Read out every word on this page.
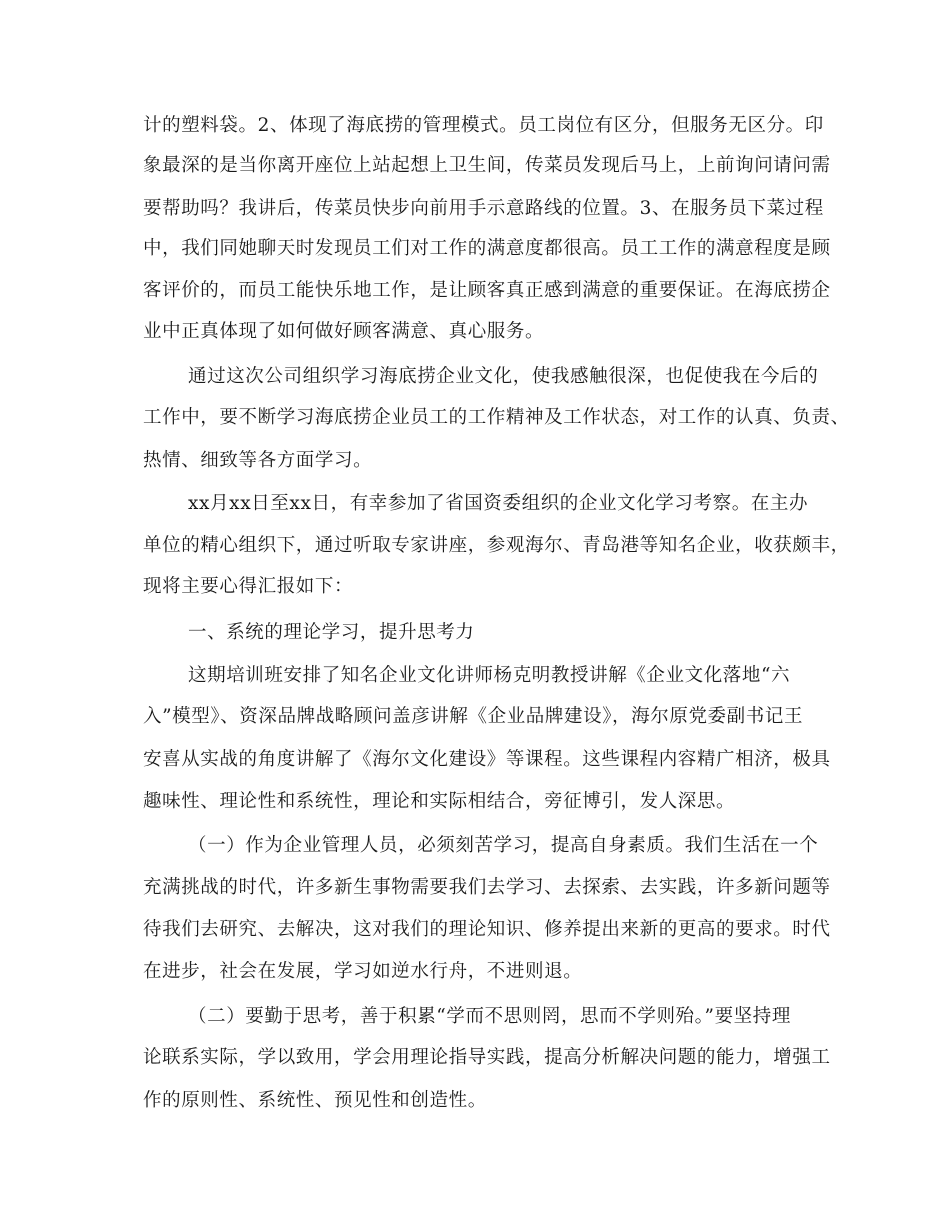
计的塑料袋。2、体现了海底捞的管理模式。员工岗位有区分，但服务无区分。印
象最深的是当你离开座位上站起想上卫生间，传菜员发现后马上，上前询问请问需
要帮助吗？我讲后，传菜员快步向前用手示意路线的位置。3、在服务员下菜过程
中，我们同她聊天时发现员工们对工作的满意度都很高。员工工作的满意程度是顾
客评价的，而员工能快乐地工作，是让顾客真正感到满意的重要保证。在海底捞企
业中正真体现了如何做好顾客满意、真心服务。
通过这次公司组织学习海底捞企业文化，使我感触很深，也促使我在今后的
工作中，要不断学习海底捞企业员工的工作精神及工作状态，对工作的认真、负责、
热情、细致等各方面学习。
xx月xx日至xx日，有幸参加了省国资委组织的企业文化学习考察。在主办
单位的精心组织下，通过听取专家讲座，参观海尔、青岛港等知名企业，收获颇丰，
现将主要心得汇报如下：
一、系统的理论学习，提升思考力
这期培训班安排了知名企业文化讲师杨克明教授讲解《企业文化落地“六
入”模型》、资深品牌战略顾问盖彦讲解《企业品牌建设》，海尔原党委副书记王
安喜从实战的角度讲解了《海尔文化建设》等课程。这些课程内容精广相济，极具
趣味性、理论性和系统性，理论和实际相结合，旁征博引，发人深思。
（一）作为企业管理人员，必须刻苦学习，提高自身素质。我们生活在一个
充满挑战的时代，许多新生事物需要我们去学习、去探索、去实践，许多新问题等
待我们去研究、去解决，这对我们的理论知识、修养提出来新的更高的要求。时代
在进步，社会在发展，学习如逆水行舟，不进则退。
（二）要勤于思考，善于积累“学而不思则罔，思而不学则殆。”要坚持理
论联系实际，学以致用，学会用理论指导实践，提高分析解决问题的能力，增强工
作的原则性、系统性、预见性和创造性。
